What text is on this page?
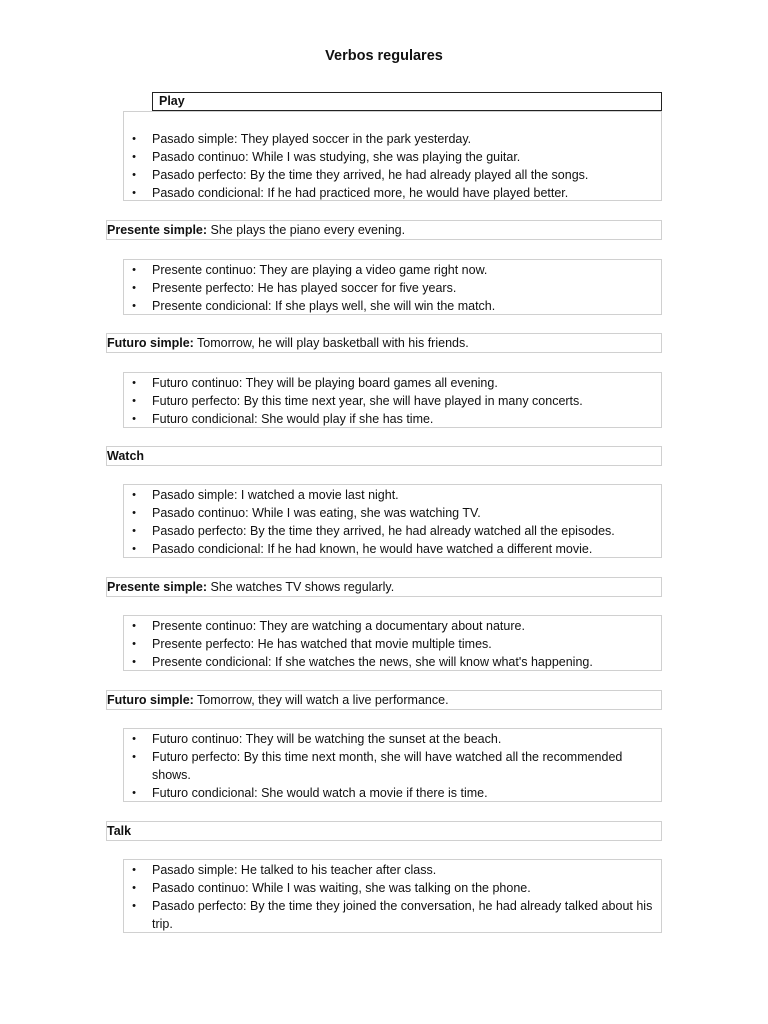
Verbos regulares
Play
• Pasado simple: They played soccer in the park yesterday.
• Pasado continuo: While I was studying, she was playing the guitar.
• Pasado perfecto: By the time they arrived, he had already played all the songs.
• Pasado condicional: If he had practiced more, he would have played better.
Presente simple: She plays the piano every evening.
• Presente continuo: They are playing a video game right now.
• Presente perfecto: He has played soccer for five years.
• Presente condicional: If she plays well, she will win the match.
Futuro simple: Tomorrow, he will play basketball with his friends.
• Futuro continuo: They will be playing board games all evening.
• Futuro perfecto: By this time next year, she will have played in many concerts.
• Futuro condicional: She would play if she has time.
Watch
• Pasado simple: I watched a movie last night.
• Pasado continuo: While I was eating, she was watching TV.
• Pasado perfecto: By the time they arrived, he had already watched all the episodes.
• Pasado condicional: If he had known, he would have watched a different movie.
Presente simple: She watches TV shows regularly.
• Presente continuo: They are watching a documentary about nature.
• Presente perfecto: He has watched that movie multiple times.
• Presente condicional: If she watches the news, she will know what's happening.
Futuro simple: Tomorrow, they will watch a live performance.
• Futuro continuo: They will be watching the sunset at the beach.
• Futuro perfecto: By this time next month, she will have watched all the recommended shows.
• Futuro condicional: She would watch a movie if there is time.
Talk
• Pasado simple: He talked to his teacher after class.
• Pasado continuo: While I was waiting, she was talking on the phone.
• Pasado perfecto: By the time they joined the conversation, he had already talked about his trip.
